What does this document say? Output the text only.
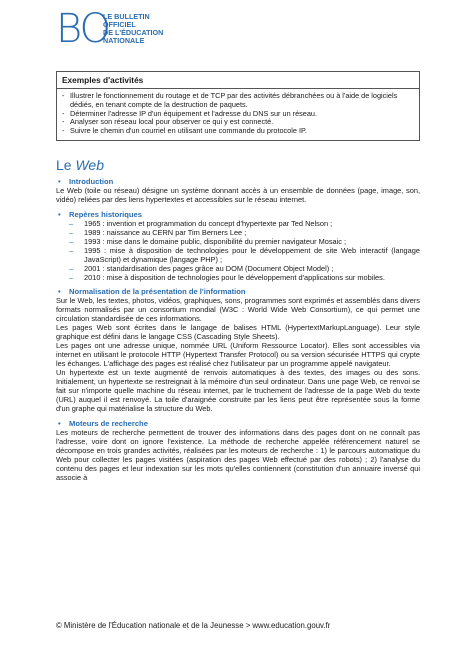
BO
LE BULLETIN
OFFICIEL
DE L'ÉDUCATION
NATIONALE
Exemples d'activités
- Illustrer le fonctionnement du routage et de TCP par des activités débranchées ou à l'aide de logiciels dédiés, en tenant compte de la destruction de paquets.
- Déterminer l'adresse IP d'un équipement et l'adresse du DNS sur un réseau.
- Analyser son réseau local pour observer ce qui y est connecté.
- Suivre le chemin d'un courriel en utilisant une commande du protocole IP.
Le Web

• Introduction

Le Web (toile ou réseau) désigne un système donnant accès à un ensemble de données (page, image, son, vidéo) reliées par des liens hypertextes et accessibles sur le réseau internet.

• Repères historiques

– 1965 : invention et programmation du concept d'hypertexte par Ted Nelson ;
– 1989 : naissance au CERN par Tim Berners Lee ;
– 1993 : mise dans le domaine public, disponibilité du premier navigateur Mosaic ;
– 1995 : mise à disposition de technologies pour le développement de site Web interactif (langage JavaScript) et dynamique (langage PHP) ;
– 2001 : standardisation des pages grâce au DOM (Document Object Model) ;
– 2010 : mise à disposition de technologies pour le développement d'applications sur mobiles.

• Normalisation de la présentation de l'information

Sur le Web, les textes, photos, vidéos, graphiques, sons, programmes sont exprimés et assemblés dans divers formats normalisés par un consortium mondial (W3C : World Wide Web Consortium), ce qui permet une circulation standardisée de ces informations.

Les pages Web sont écrites dans le langage de balises HTML (HypertextMarkupLanguage). Leur style graphique est défini dans le langage CSS (Cascading Style Sheets).

Les pages ont une adresse unique, nommée URL (Uniform Ressource Locator). Elles sont accessibles via internet en utilisant le protocole HTTP (Hypertext Transfer Protocol) ou sa version sécurisée HTTPS qui crypte les échanges. L'affichage des pages est réalisé chez l'utilisateur par un programme appelé navigateur.

Un hypertexte est un texte augmenté de renvois automatiques à des textes, des images ou des sons. Initialement, un hypertexte se restreignait à la mémoire d'un seul ordinateur. Dans une page Web, ce renvoi se fait sur n'importe quelle machine du réseau internet, par le truchement de l'adresse de la page Web du texte (URL) auquel il est renvoyé. La toile d'araignée construite par les liens peut être représentée sous la forme d'un graphe qui matérialise la structure du Web.

• Moteurs de recherche

Les moteurs de recherche permettent de trouver des informations dans des pages dont on ne connaît pas l'adresse, voire dont on ignore l'existence. La méthode de recherche appelée référencement naturel se décompose en trois grandes activités, réalisées par les moteurs de recherche : 1) le parcours automatique du Web pour collecter les pages visitées (aspiration des pages Web effectué par des robots) ; 2) l'analyse du contenu des pages et leur indexation sur les mots qu'elles contiennent (constitution d'un annuaire inversé qui associe à

© Ministère de l'Éducation nationale et de la Jeunesse > www.education.gouv.fr
